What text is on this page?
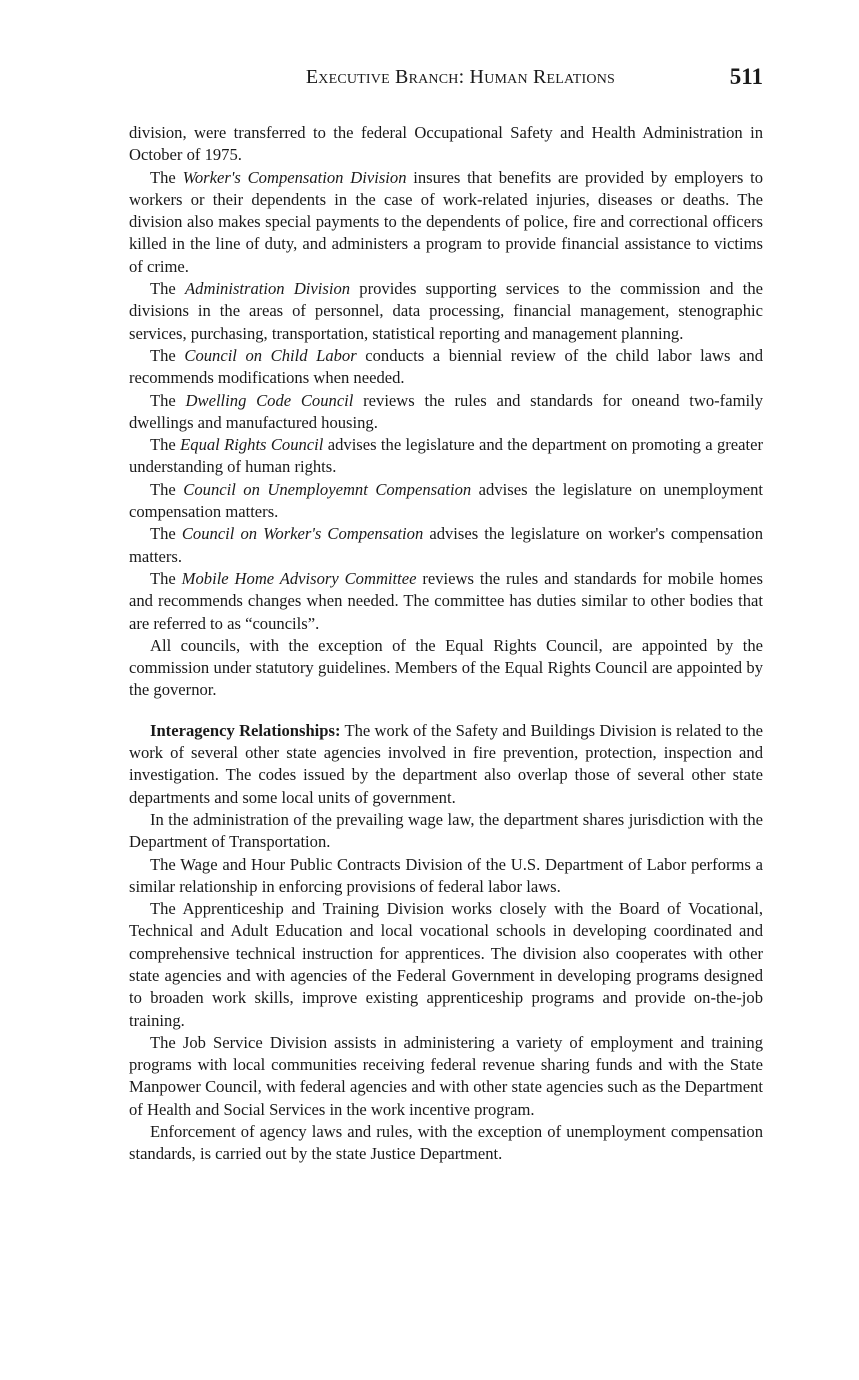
Executive Branch: Human Relations	511

division, were transferred to the federal Occupational Safety and Health Administration in October of 1975.

The Worker's Compensation Division insures that benefits are provided by employers to workers or their dependents in the case of work-related injuries, diseases or deaths. The division also makes special payments to the dependents of police, fire and correctional officers killed in the line of duty, and administers a program to provide financial assistance to victims of crime.

The Administration Division provides supporting services to the commission and the divisions in the areas of personnel, data processing, financial management, stenographic services, purchasing, transportation, statistical reporting and management planning.

The Council on Child Labor conducts a biennial review of the child labor laws and recommends modifications when needed.

The Dwelling Code Council reviews the rules and standards for oneand two-family dwellings and manufactured housing.

The Equal Rights Council advises the legislature and the department on promoting a greater understanding of human rights.

The Council on Unemployemnt Compensation advises the legislature on unemployment compensation matters.

The Council on Worker's Compensation advises the legislature on worker's compensation matters.

The Mobile Home Advisory Committee reviews the rules and standards for mobile homes and recommends changes when needed. The committee has duties similar to other bodies that are referred to as “councils”.

All councils, with the exception of the Equal Rights Council, are appointed by the commission under statutory guidelines. Members of the Equal Rights Council are appointed by the governor.

Interagency Relationships: The work of the Safety and Buildings Division is related to the work of several other state agencies involved in fire prevention, protection, inspection and investigation. The codes issued by the department also overlap those of several other state departments and some local units of government.

In the administration of the prevailing wage law, the department shares jurisdiction with the Department of Transportation.

The Wage and Hour Public Contracts Division of the U.S. Department of Labor performs a similar relationship in enforcing provisions of federal labor laws.

The Apprenticeship and Training Division works closely with the Board of Vocational, Technical and Adult Education and local vocational schools in developing coordinated and comprehensive technical instruction for apprentices. The division also cooperates with other state agencies and with agencies of the Federal Government in developing programs designed to broaden work skills, improve existing apprenticeship programs and provide on-the-job training.

The Job Service Division assists in administering a variety of employment and training programs with local communities receiving federal revenue sharing funds and with the State Manpower Council, with federal agencies and with other state agencies such as the Department of Health and Social Services in the work incentive program.

Enforcement of agency laws and rules, with the exception of unemployment compensation standards, is carried out by the state Justice Department.
